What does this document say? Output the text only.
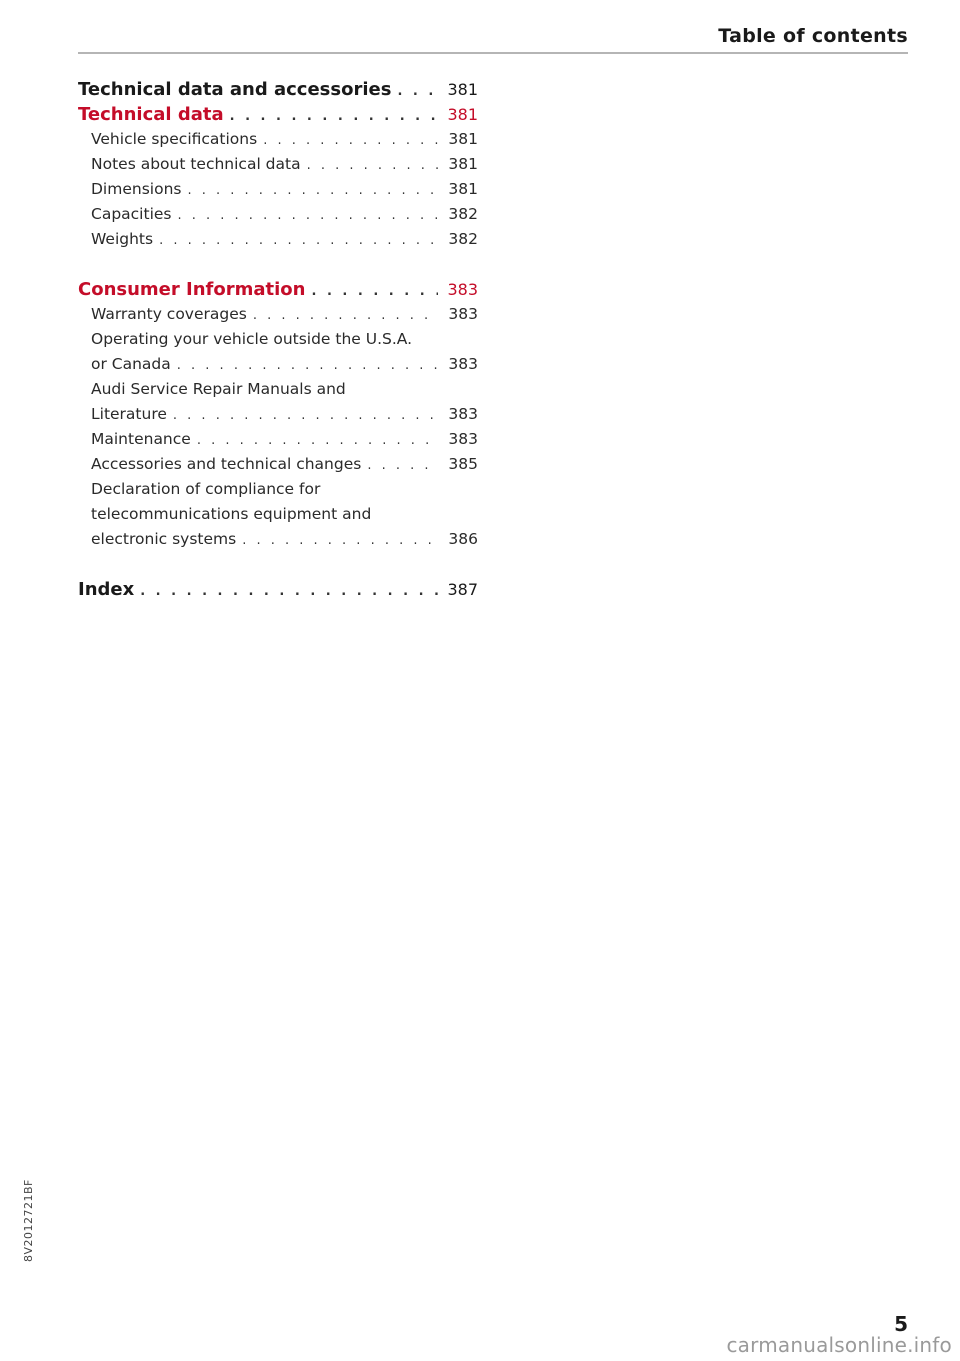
Table of contents
Technical data and accessories . . .	381
Technical data . . .	381
Vehicle specifications . . .	381
Notes about technical data . . .	381
Dimensions . . .	381
Capacities . . .	382
Weights . . .	382
Consumer Information . . .	383
Warranty coverages . . .	383
Operating your vehicle outside the U.S.A.
or Canada . . .	383
Audi Service Repair Manuals and
Literature . . .	383
Maintenance . . .	383
Accessories and technical changes . . .	385
Declaration of compliance for
telecommunications equipment and
electronic systems . . .	386
Index . . .	387
8V2012721BF
5
carmanualsonline.info
